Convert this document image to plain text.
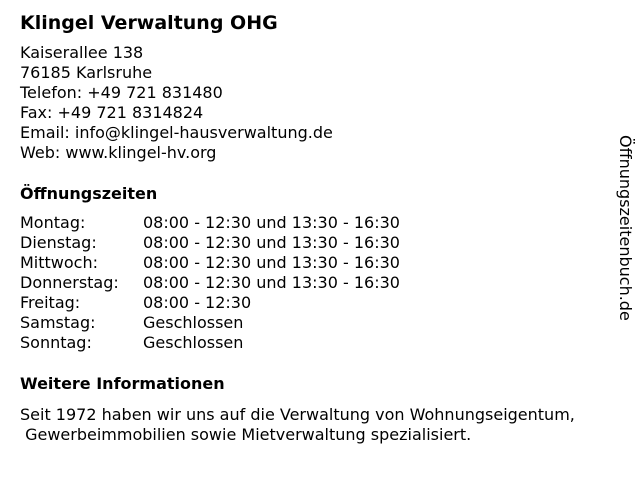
Klingel Verwaltung OHG
Kaiserallee 138
76185 Karlsruhe
Telefon: +49 721 831480
Fax: +49 721 8314824
Email: info@klingel-hausverwaltung.de
Web: www.klingel-hv.org
Öffnungszeiten
Montag:	08:00 - 12:30 und 13:30 - 16:30
Dienstag:	08:00 - 12:30 und 13:30 - 16:30
Mittwoch:	08:00 - 12:30 und 13:30 - 16:30
Donnerstag:	08:00 - 12:30 und 13:30 - 16:30
Freitag:	08:00 - 12:30
Samstag:	Geschlossen
Sonntag:	Geschlossen
Weitere Informationen
Seit 1972 haben wir uns auf die Verwaltung von Wohnungseigentum,
Gewerbeimmobilien sowie Mietverwaltung spezialisiert.
Öffnungszeitenbuch.de
